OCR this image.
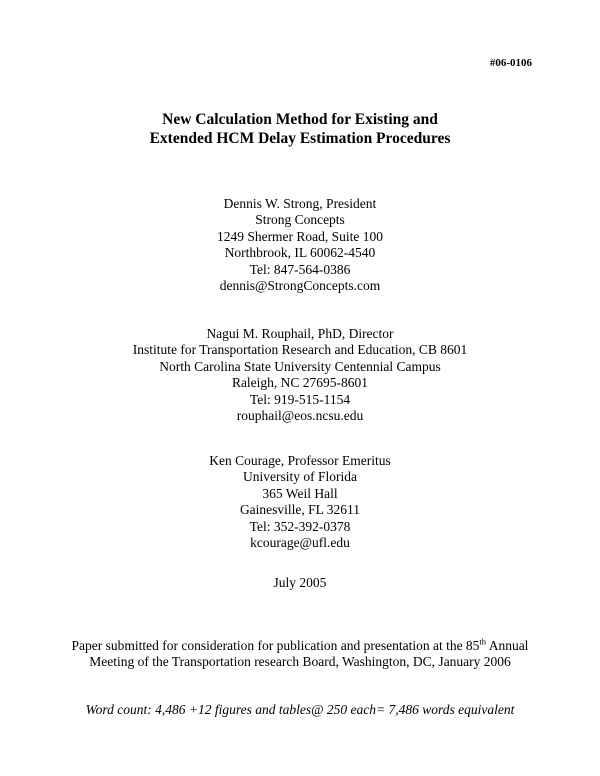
#06-0106
New Calculation Method for Existing and
Extended HCM Delay Estimation Procedures
Dennis W. Strong, President
Strong Concepts
1249 Shermer Road, Suite 100
Northbrook, IL 60062-4540
Tel: 847-564-0386
dennis@StrongConcepts.com
Nagui M. Rouphail, PhD, Director
Institute for Transportation Research and Education, CB 8601
North Carolina State University Centennial Campus
Raleigh, NC 27695-8601
Tel: 919-515-1154
rouphail@eos.ncsu.edu
Ken Courage, Professor Emeritus
University of Florida
365 Weil Hall
Gainesville, FL 32611
Tel: 352-392-0378
kcourage@ufl.edu
July 2005
Paper submitted for consideration for publication and presentation at the 85th Annual
Meeting of the Transportation research Board, Washington, DC, January 2006
Word count: 4,486 +12 figures and tables@ 250 each= 7,486 words equivalent
